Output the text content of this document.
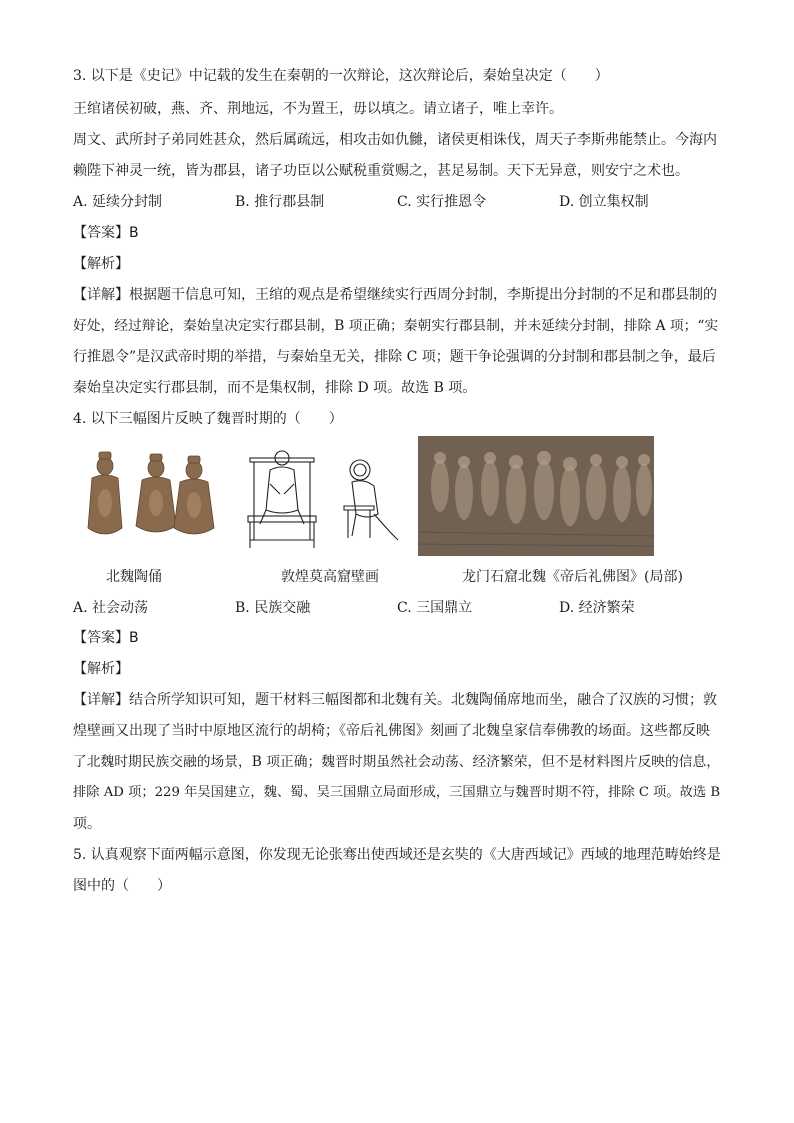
3. 以下是《史记》中记载的发生在秦朝的一次辩论，这次辩论后，秦始皇决定（　　）
王绾诸侯初破，燕、齐、荆地远，不为置王，毋以填之。请立诸子，唯上幸许。
周文、武所封子弟同姓甚众，然后属疏远，相攻击如仇雠，诸侯更相诛伐，周天子李斯弗能禁止。今海内
赖陛下神灵一统，皆为郡县，诸子功臣以公赋税重赏赐之，甚足易制。天下无异意，则安宁之术也。
A. 延续分封制	B. 推行郡县制	C. 实行推恩令	D. 创立集权制
【答案】B
【解析】
【详解】根据题干信息可知，王绾的观点是希望继续实行西周分封制，李斯提出分封制的不足和郡县制的
好处，经过辩论，秦始皇决定实行郡县制，B 项正确；秦朝实行郡县制，并未延续分封制，排除 A 项；“实
行推恩令”是汉武帝时期的举措，与秦始皇无关，排除 C 项；题干争论强调的分封制和郡县制之争，最后
秦始皇决定实行郡县制，而不是集权制，排除 D 项。故选 B 项。
4. 以下三幅图片反映了魏晋时期的（　　）
北魏陶俑	敦煌莫高窟壁画	龙门石窟北魏《帝后礼佛图》(局部)
A. 社会动荡	B. 民族交融	C. 三国鼎立	D. 经济繁荣
【答案】B
【解析】
【详解】结合所学知识可知，题干材料三幅图都和北魏有关。北魏陶俑席地而坐，融合了汉族的习惯；敦
煌壁画又出现了当时中原地区流行的胡椅；《帝后礼佛图》刻画了北魏皇家信奉佛教的场面。这些都反映
了北魏时期民族交融的场景，B 项正确；魏晋时期虽然社会动荡、经济繁荣，但不是材料图片反映的信息，
排除 AD 项；229 年吴国建立，魏、蜀、吴三国鼎立局面形成，三国鼎立与魏晋时期不符，排除 C 项。故选 B
项。
5. 认真观察下面两幅示意图，你发现无论张骞出使西域还是玄奘的《大唐西域记》西域的地理范畴始终是
图中的（　　）
